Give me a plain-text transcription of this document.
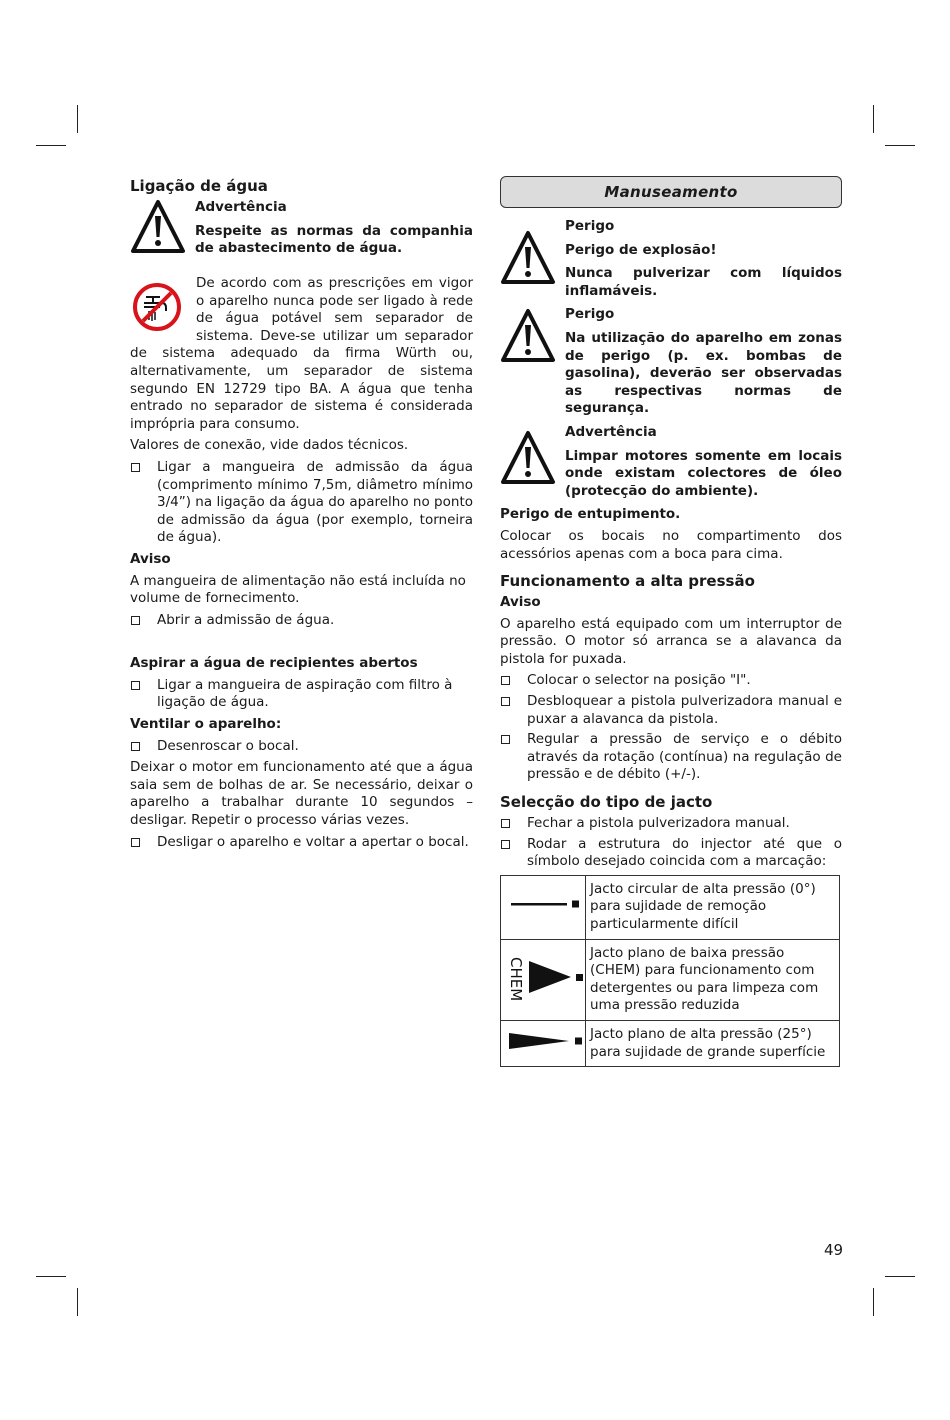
Ligação de água

Advertência

Respeite as normas da companhia de abastecimento de água.

De acordo com as prescrições em vigor o aparelho nunca pode ser ligado à rede de água potável sem separador de sistema. Deve-se utilizar um separador de sistema adequado da firma Würth ou, alternativamente, um separador de sistema segundo EN 12729 tipo BA. A água que tenha entrado no separador de sistema é considerada imprópria para consumo.

Valores de conexão, vide dados técnicos.

Ligar a mangueira de admissão da água (comprimento mínimo 7,5m, diâmetro mínimo 3/4”) na ligação da água do aparelho no ponto de admissão da água (por exemplo, torneira de água).

Aviso

A mangueira de alimentação não está incluída no volume de fornecimento.

Abrir a admissão de água.

Aspirar a água de recipientes abertos

Ligar a mangueira de aspiração com filtro à ligação de água.

Ventilar o aparelho:

Desenroscar o bocal.

Deixar o motor em funcionamento até que a água saia sem de bolhas de ar. Se necessário, deixar o aparelho a trabalhar durante 10 segundos – desligar. Repetir o processo várias vezes.

Desligar o aparelho e voltar a apertar o bocal.
Manuseamento

Perigo

Perigo de explosão!

Nunca pulverizar com líquidos inflamáveis.

Perigo

Na utilização do aparelho em zonas de perigo (p. ex. bombas de gasolina), deverão ser observadas as respectivas normas de segurança.

Advertência

Limpar motores somente em locais onde existam colectores de óleo (protecção do ambiente).

Perigo de entupimento.

Colocar os bocais no compartimento dos acessórios apenas com a boca para cima.

Funcionamento a alta pressão

Aviso

O aparelho está equipado com um interruptor de pressão. O motor só arranca se a alavanca da pistola for puxada.

Colocar o selector na posição "I".
Desbloquear a pistola pulverizadora manual e puxar a alavanca da pistola.
Regular a pressão de serviço e o débito através da rotação (contínua) na regulação de pressão e de débito (+/-).
Selecção do tipo de jacto
Fechar a pistola pulverizadora manual.
Rodar a estrutura do injector até que o símbolo desejado coincida com a marcação:
	Jacto circular de alta pressão (0°) para sujidade de remoção particularmente difícil

CHEM	Jacto plano de baixa pressão (CHEM) para funcionamento com detergentes ou para limpeza com uma pressão reduzida
	Jacto plano de alta pressão (25°) para sujidade de grande superfície
49
